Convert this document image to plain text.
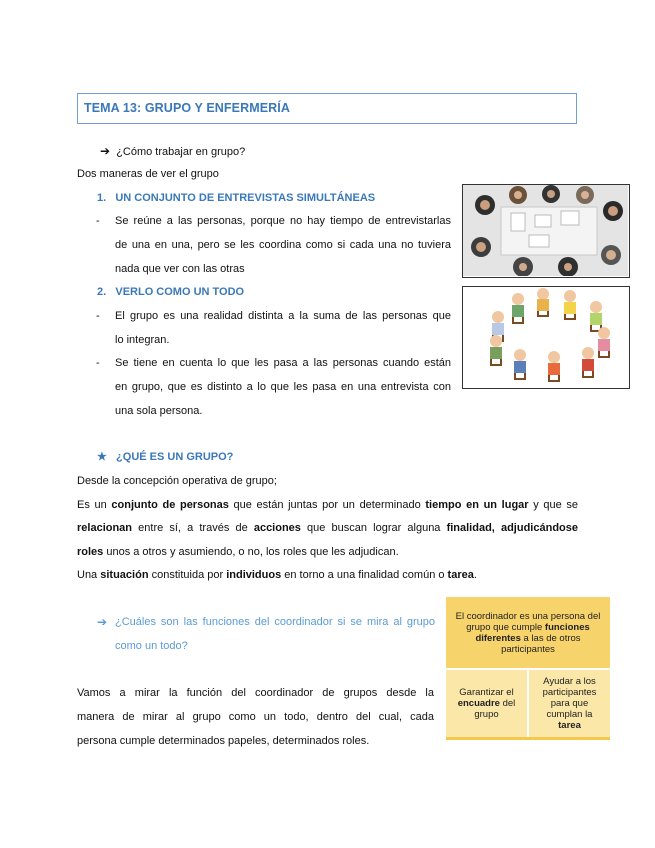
TEMA 13: GRUPO Y ENFERMERÍA
➔ ¿Cómo trabajar en grupo?
Dos maneras de ver el grupo
1. UN CONJUNTO DE ENTREVISTAS SIMULTÁNEAS
- Se reúne a las personas, porque no hay tiempo de entrevistarlas
de una en una, pero se les coordina como si cada una no tuviera
nada que ver con las otras
2. VERLO COMO UN TODO
- El grupo es una realidad distinta a la suma de las personas que
lo integran.
- Se tiene en cuenta lo que les pasa a las personas cuando están
en grupo, que es distinto a lo que les pasa en una entrevista con
una sola persona.
★ ¿QUÉ ES UN GRUPO?
Desde la concepción operativa de grupo;
Es un conjunto de personas que están juntas por un determinado tiempo en un lugar y que se
relacionan entre sí, a través de acciones que buscan lograr alguna finalidad, adjudicándose
roles unos a otros y asumiendo, o no, los roles que les adjudican.
Una situación constituida por individuos en torno a una finalidad común o tarea.
➔ ¿Cuáles son las funciones del coordinador si se mira al grupo
como un todo?
Vamos a mirar la función del coordinador de grupos desde la
manera de mirar al grupo como un todo, dentro del cual, cada
persona cumple determinados papeles, determinados roles.
El coordinador es una persona del grupo que cumple funciones diferentes a las de otros participantes
Garantizar el encuadre del grupo
Ayudar a los participantes para que cumplan la tarea
